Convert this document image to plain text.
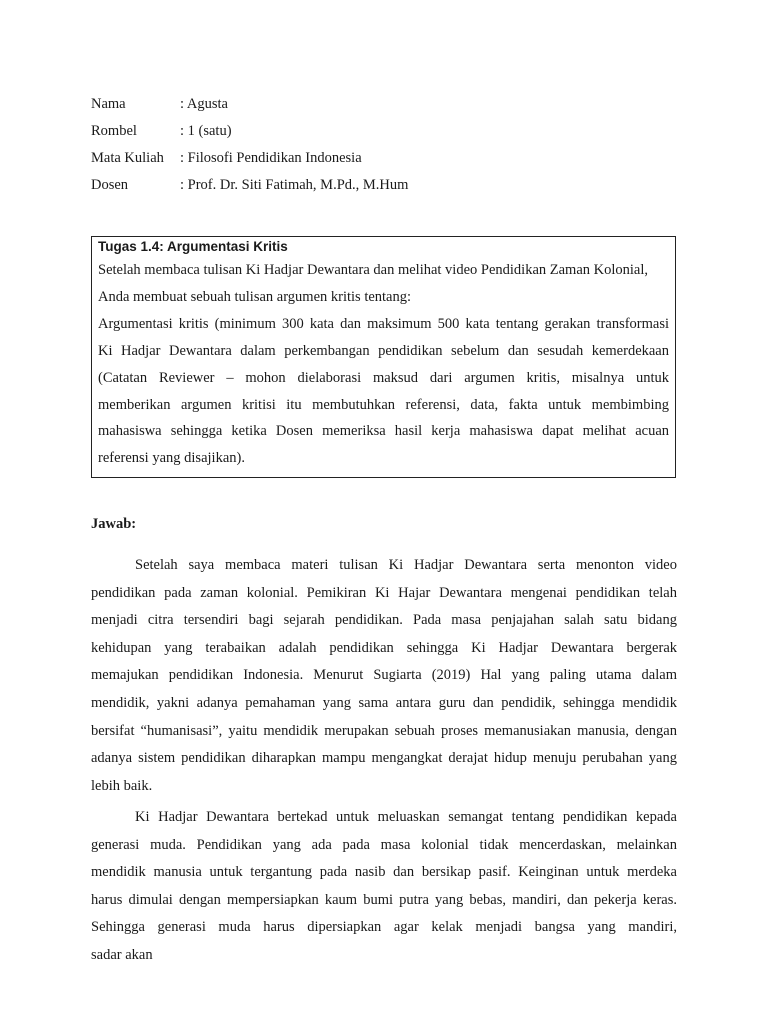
Nama	: Agusta
Rombel	: 1 (satu)
Mata Kuliah	: Filosofi Pendidikan Indonesia
Dosen	: Prof. Dr. Siti Fatimah, M.Pd., M.Hum
Tugas 1.4: Argumentasi Kritis
Setelah membaca tulisan Ki Hadjar Dewantara dan melihat video Pendidikan Zaman Kolonial,
Anda membuat sebuah tulisan argumen kritis tentang:
Argumentasi kritis (minimum 300 kata dan maksimum 500 kata tentang gerakan transformasi
Ki Hadjar Dewantara dalam perkembangan pendidikan sebelum dan sesudah kemerdekaan
(Catatan Reviewer – mohon dielaborasi maksud dari argumen kritis, misalnya untuk
memberikan argumen kritisi itu membutuhkan referensi, data, fakta untuk membimbing
mahasiswa sehingga ketika Dosen memeriksa hasil kerja mahasiswa dapat melihat acuan
referensi yang disajikan).
Jawab:
Setelah saya membaca materi tulisan Ki Hadjar Dewantara serta menonton video
pendidikan pada zaman kolonial. Pemikiran Ki Hajar Dewantara mengenai pendidikan telah
menjadi citra tersendiri bagi sejarah pendidikan. Pada masa penjajahan salah satu bidang
kehidupan yang terabaikan adalah pendidikan sehingga Ki Hadjar Dewantara bergerak
memajukan pendidikan Indonesia. Menurut Sugiarta (2019) Hal yang paling utama dalam
mendidik, yakni adanya pemahaman yang sama antara guru dan pendidik, sehingga mendidik
bersifat “humanisasi”, yaitu mendidik merupakan sebuah proses memanusiakan manusia, dengan
adanya sistem pendidikan diharapkan mampu mengangkat derajat hidup menuju perubahan yang
lebih baik.
Ki Hadjar Dewantara bertekad untuk meluaskan semangat tentang pendidikan kepada
generasi muda. Pendidikan yang ada pada masa kolonial tidak mencerdaskan, melainkan
mendidik manusia untuk tergantung pada nasib dan bersikap pasif. Keinginan untuk merdeka
harus dimulai dengan mempersiapkan kaum bumi putra yang bebas, mandiri, dan pekerja keras.
Sehingga generasi muda harus dipersiapkan agar kelak menjadi bangsa yang mandiri,
sadar akan
